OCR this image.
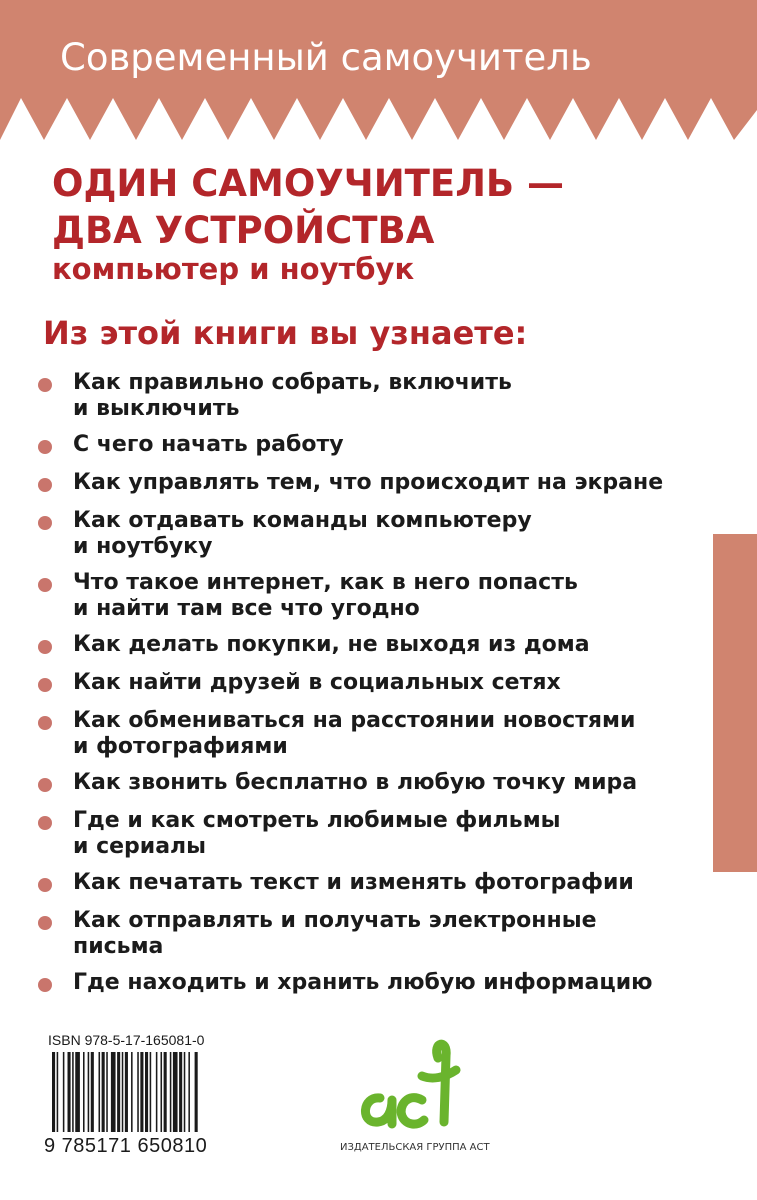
Современный самоучитель
ОДИН САМОУЧИТЕЛЬ —
ДВА УСТРОЙСТВА
компьютер и ноутбук
Из этой книги вы узнаете:
Как правильно собрать, включить
и выключить
С чего начать работу
Как управлять тем, что происходит на экране
Как отдавать команды компьютеру
и ноутбуку
Что такое интернет, как в него попасть
и найти там все что угодно
Как делать покупки, не выходя из дома
Как найти друзей в социальных сетях
Как обмениваться на расстоянии новостями
и фотографиями
Как звонить бесплатно в любую точку мира
Где и как смотреть любимые фильмы
и сериалы
Как печатать текст и изменять фотографии
Как отправлять и получать электронные
письма
Где находить и хранить любую информацию
ISBN 978-5-17-165081-0
9 785171 650810	ИЗДАТЕЛЬСКАЯ ГРУППА АСТ
